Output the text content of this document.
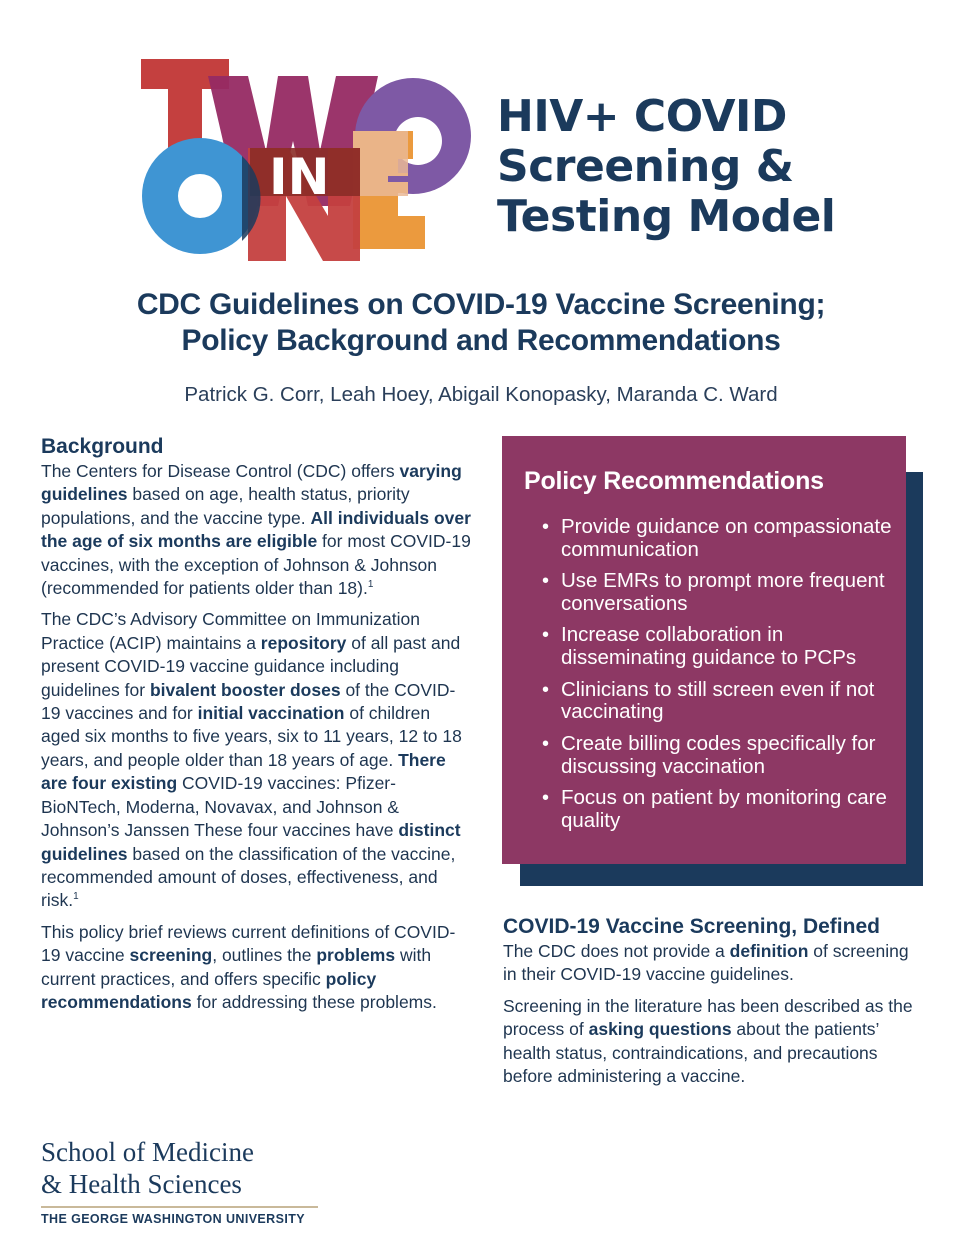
IN
HIV+ COVID
Screening &
Testing Model
CDC Guidelines on COVID-19 Vaccine Screening;
Policy Background and Recommendations
Patrick G. Corr, Leah Hoey, Abigail Konopasky, Maranda C. Ward
Background

The Centers for Disease Control (CDC) offers varying guidelines based on age, health status, priority populations, and the vaccine type. All individuals over the age of six months are eligible for most COVID-19 vaccines, with the exception of Johnson & Johnson (recommended for patients older than 18).$^1$

The CDC’s Advisory Committee on Immunization Practice (ACIP) maintains a repository of all past and present COVID-19 vaccine guidance including guidelines for bivalent booster doses of the COVID-19 vaccines and for initial vaccination of children aged six months to five years, six to 11 years, 12 to 18 years, and people older than 18 years of age. There are four existing COVID-19 vaccines: Pfizer-BioNTech, Moderna, Novavax, and Johnson & Johnson’s Janssen These four vaccines have distinct guidelines based on the classification of the vaccine, recommended amount of doses, effectiveness, and risk.$^1$

This policy brief reviews current definitions of COVID-19 vaccine screening, outlines the problems with current practices, and offers specific policy recommendations for addressing these problems.

Policy Recommendations
• Provide guidance on compassionate communication
• Use EMRs to prompt more frequent conversations
• Increase collaboration in disseminating guidance to PCPs
• Clinicians to still screen even if not vaccinating
• Create billing codes specifically for discussing vaccination
• Focus on patient by monitoring care quality
COVID-19 Vaccine Screening, Defined

The CDC does not provide a definition of screening in their COVID-19 vaccine guidelines.

Screening in the literature has been described as the process of asking questions about the patients’ health status, contraindications, and precautions before administering a vaccine.

School of Medicine
& Health Sciences
THE GEORGE WASHINGTON UNIVERSITY
